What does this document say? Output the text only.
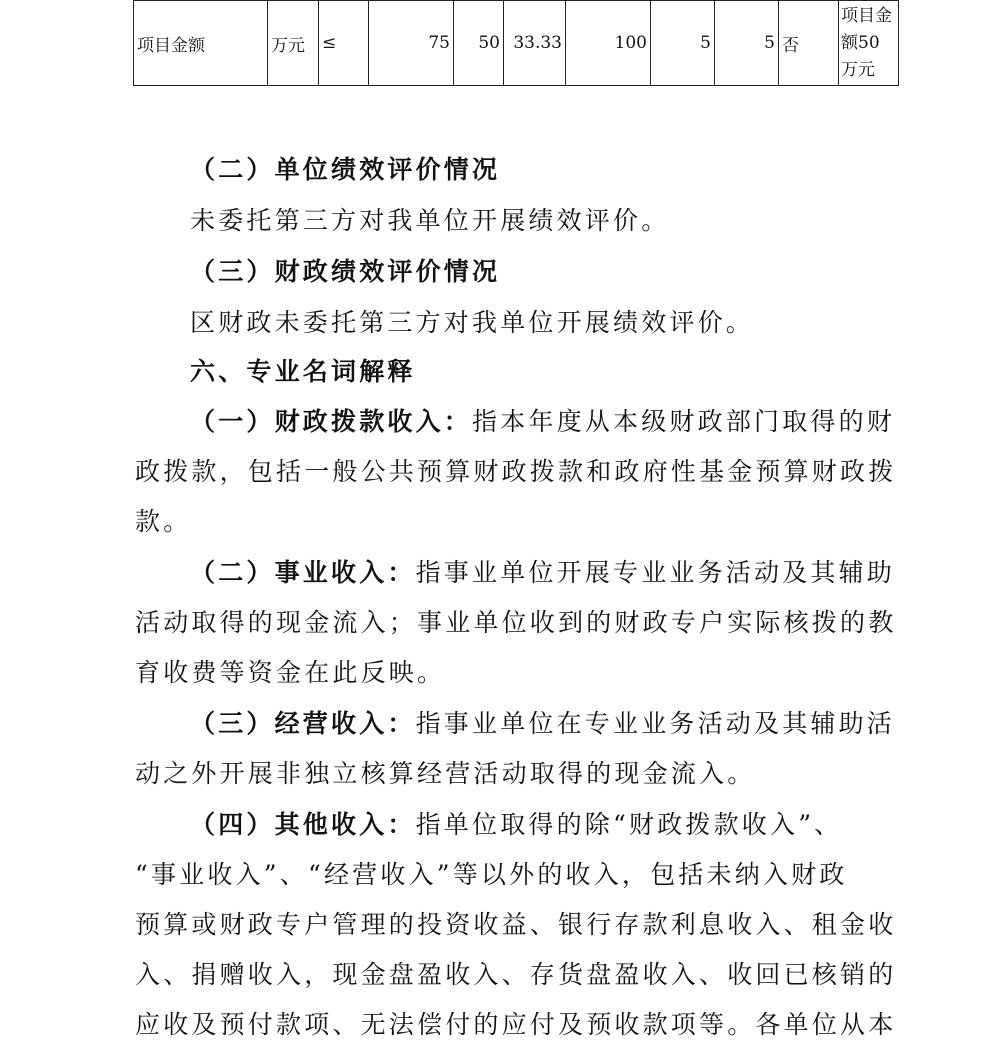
项目金额	万元	≤	75	50	33.33	100	5	5	否	项目金额50万元
（二）单位绩效评价情况
未委托第三方对我单位开展绩效评价。
（三）财政绩效评价情况
区财政未委托第三方对我单位开展绩效评价。
六、专业名词解释
（一）财政拨款收入：指本年度从本级财政部门取得的财
政拨款，包括一般公共预算财政拨款和政府性基金预算财政拨
款。
（二）事业收入：指事业单位开展专业业务活动及其辅助
活动取得的现金流入；事业单位收到的财政专户实际核拨的教
育收费等资金在此反映。
（三）经营收入：指事业单位在专业业务活动及其辅助活
动之外开展非独立核算经营活动取得的现金流入。
（四）其他收入：指单位取得的除“财政拨款收入”、
“事业收入”、“经营收入”等以外的收入，包括未纳入财政
预算或财政专户管理的投资收益、银行存款利息收入、租金收
入、捐赠收入，现金盘盈收入、存货盘盈收入、收回已核销的
应收及预付款项、无法偿付的应付及预收款项等。各单位从本
